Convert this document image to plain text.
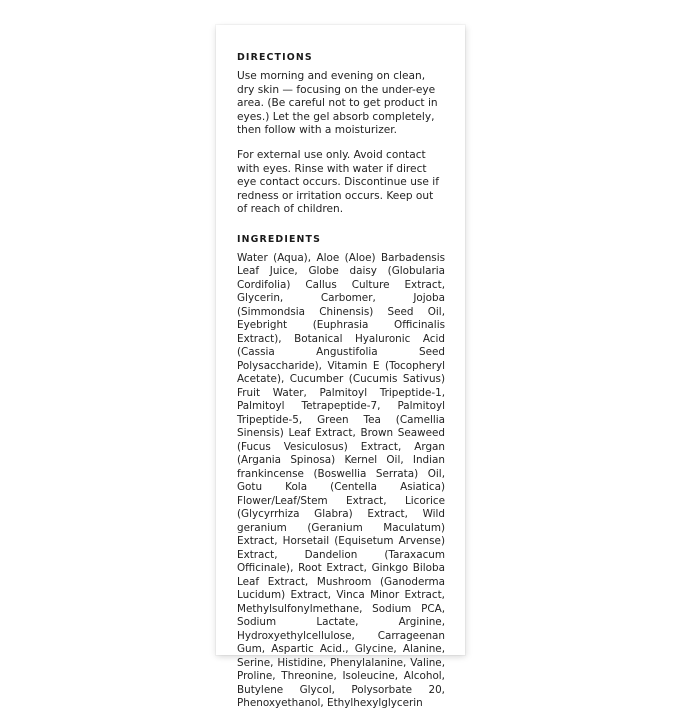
DIRECTIONS

Use morning and evening on clean, dry skin — focusing on the under-eye area. (Be careful not to get product in eyes.) Let the gel absorb completely, then follow with a moisturizer.

For external use only. Avoid contact with eyes. Rinse with water if direct eye contact occurs. Discontinue use if redness or irritation occurs. Keep out of reach of children.

INGREDIENTS

Water (Aqua), Aloe (Aloe) Barbadensis Leaf Juice, Globe daisy (Globularia Cordifolia) Callus Culture Extract, Glycerin, Carbomer, Jojoba (Simmondsia Chinensis) Seed Oil, Eyebright (Euphrasia Officinalis Extract), Botanical Hyaluronic Acid (Cassia Angustifolia Seed Polysaccharide), Vitamin E (Tocopheryl Acetate), Cucumber (Cucumis Sativus) Fruit Water, Palmitoyl Tripeptide-1, Palmitoyl Tetrapeptide-7, Palmitoyl Tripeptide-5, Green Tea (Camellia Sinensis) Leaf Extract, Brown Seaweed (Fucus Vesiculosus) Extract, Argan (Argania Spinosa) Kernel Oil, Indian frankincense (Boswellia Serrata) Oil, Gotu Kola (Centella Asiatica) Flower/Leaf/Stem Extract, Licorice (Glycyrrhiza Glabra) Extract, Wild geranium (Geranium Maculatum) Extract, Horsetail (Equisetum Arvense) Extract, Dandelion (Taraxacum Officinale), Root Extract, Ginkgo Biloba Leaf Extract, Mushroom (Ganoderma Lucidum) Extract, Vinca Minor Extract, Methylsulfonylmethane, Sodium PCA, Sodium Lactate, Arginine, Hydroxyethylcellulose, Carrageenan Gum, Aspartic Acid., Glycine, Alanine, Serine, Histidine, Phenylalanine, Valine, Proline, Threonine, Isoleucine, Alcohol, Butylene Glycol, Polysorbate 20, Phenoxyethanol, Ethylhexylglycerin
